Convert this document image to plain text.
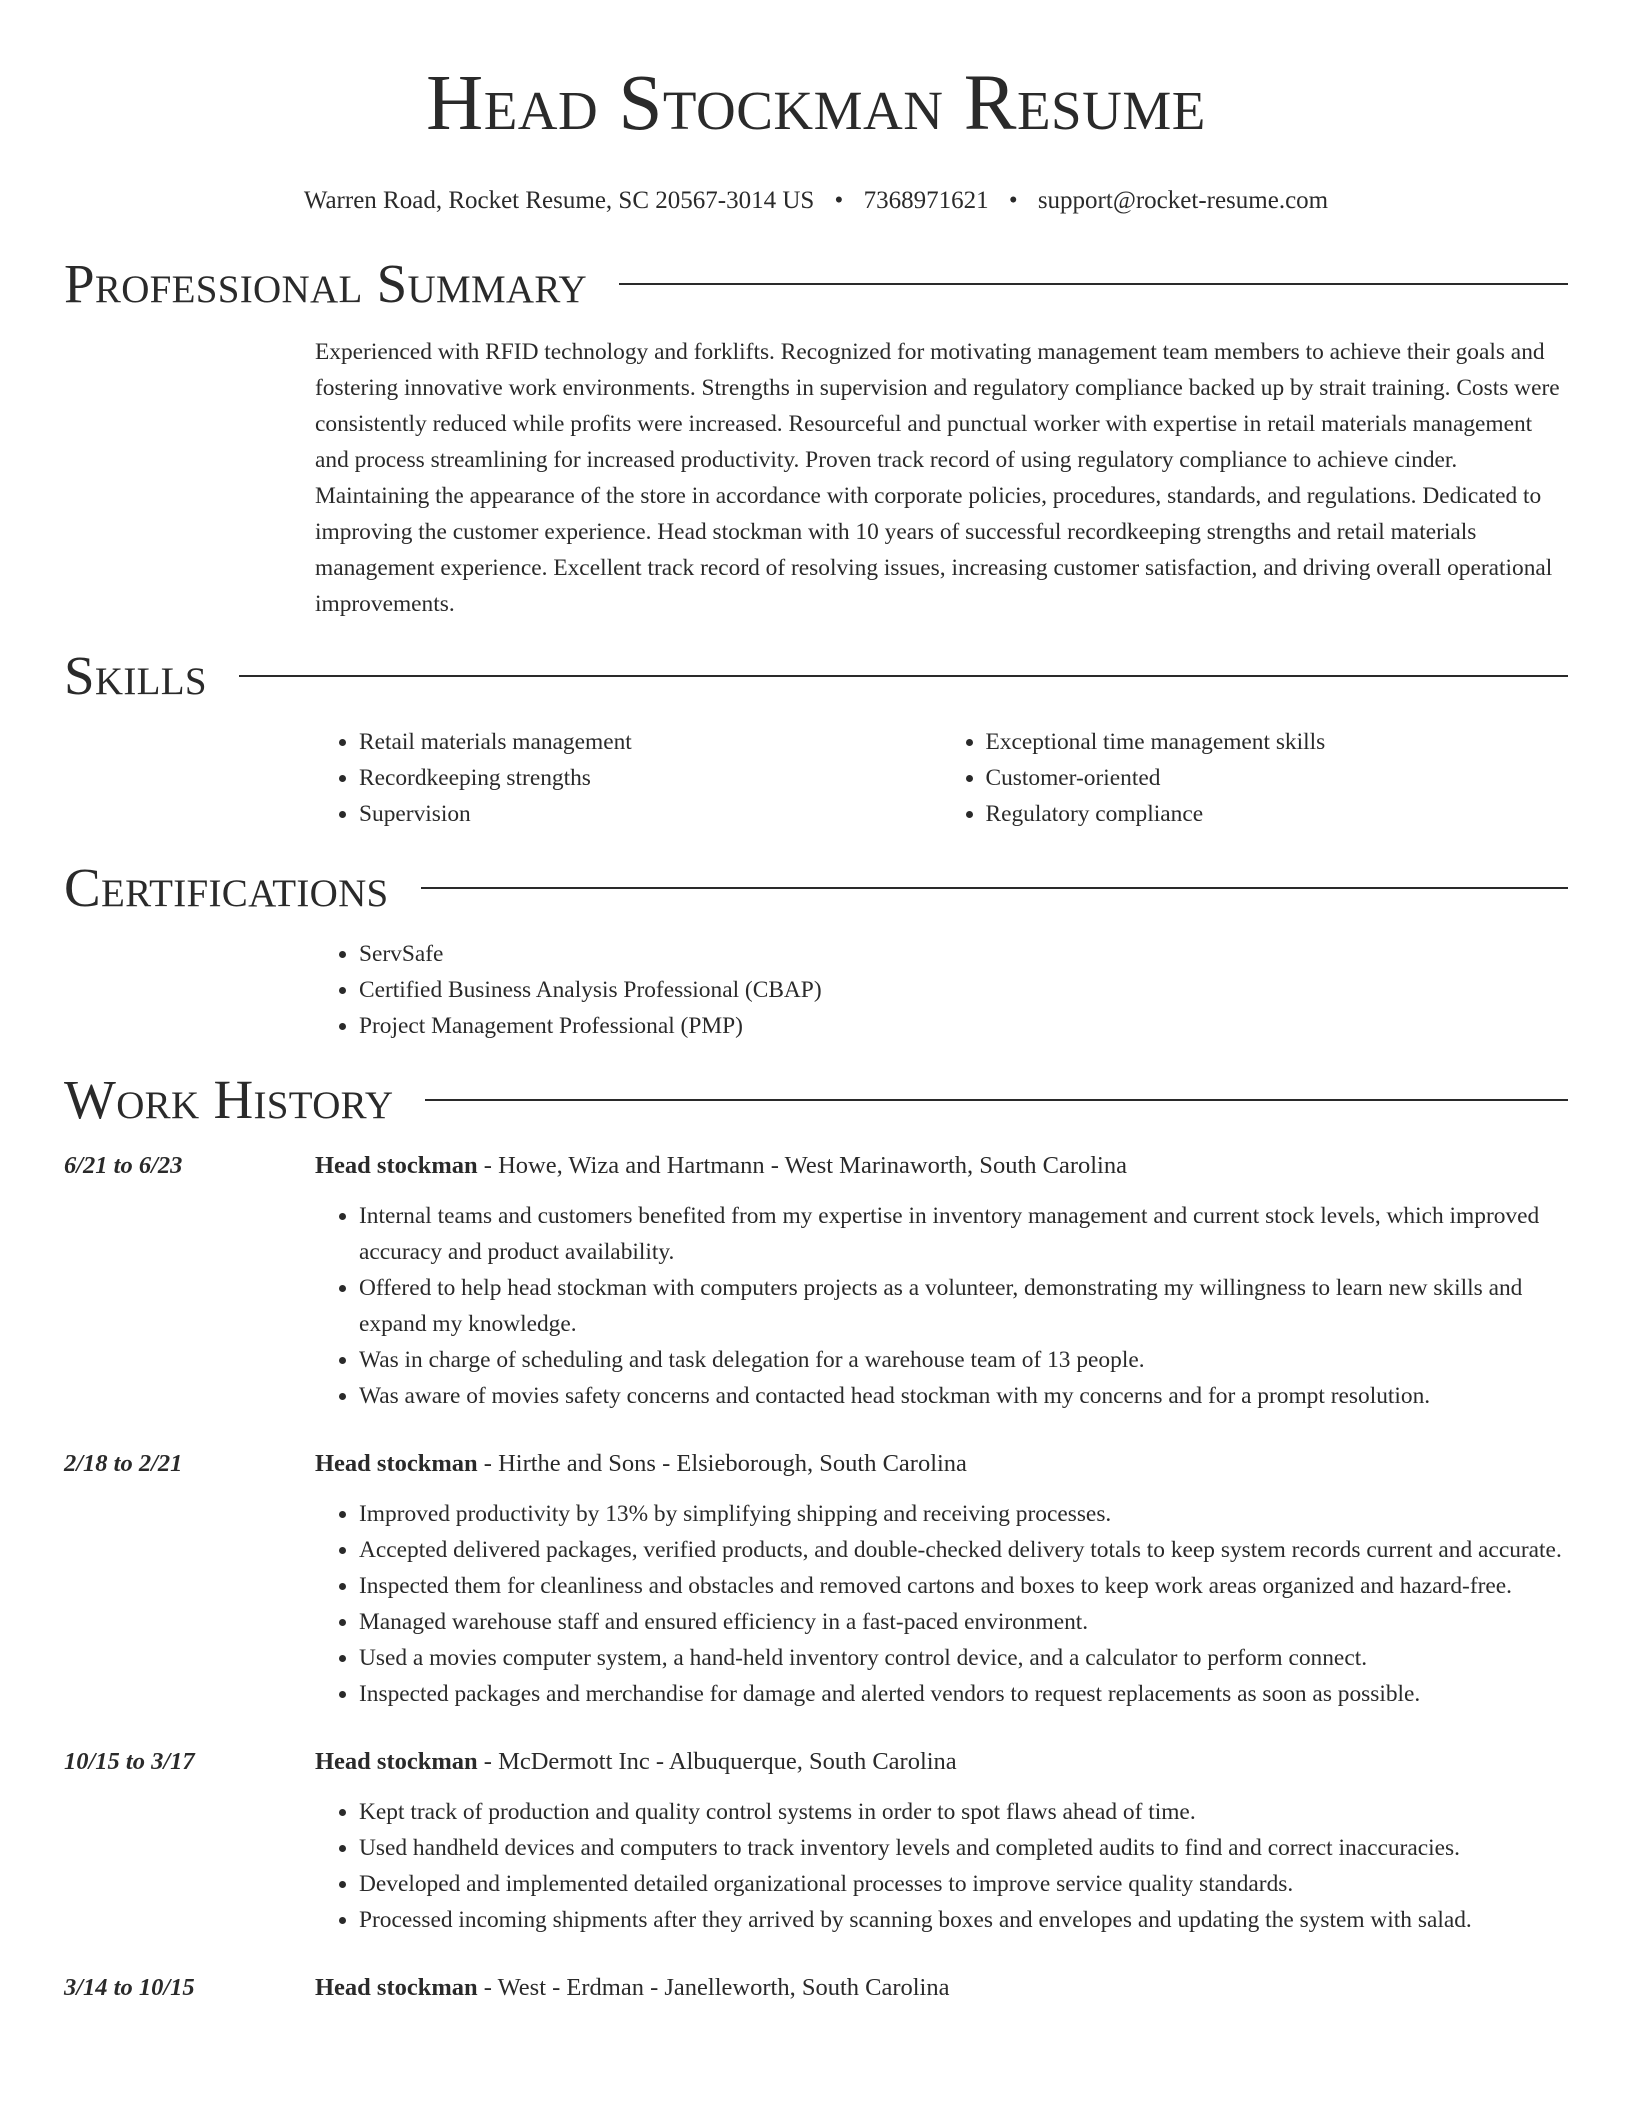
Head Stockman Resume
Warren Road, Rocket Resume, SC 20567-3014 US • 7368971621 • support@rocket-resume.com
Professional Summary

Experienced with RFID technology and forklifts. Recognized for motivating management team members to achieve their goals and fostering innovative work environments. Strengths in supervision and regulatory compliance backed up by strait training. Costs were consistently reduced while profits were increased. Resourceful and punctual worker with expertise in retail materials management and process streamlining for increased productivity. Proven track record of using regulatory compliance to achieve cinder. Maintaining the appearance of the store in accordance with corporate policies, procedures, standards, and regulations. Dedicated to improving the customer experience. Head stockman with 10 years of successful recordkeeping strengths and retail materials management experience. Excellent track record of resolving issues, increasing customer satisfaction, and driving overall operational improvements.

Skills
• Retail materials management
• Recordkeeping strengths
• Supervision
• Exceptional time management skills
• Customer-oriented
• Regulatory compliance
Certifications
• ServSafe
• Certified Business Analysis Professional (CBAP)
• Project Management Professional (PMP)
Work History
6/21 to 6/23	Head stockman - Howe, Wiza and Hartmann - West Marinaworth, South Carolina
• Internal teams and customers benefited from my expertise in inventory management and current stock levels, which improved accuracy and product availability.
• Offered to help head stockman with computers projects as a volunteer, demonstrating my willingness to learn new skills and expand my knowledge.
• Was in charge of scheduling and task delegation for a warehouse team of 13 people.
• Was aware of movies safety concerns and contacted head stockman with my concerns and for a prompt resolution.
2/18 to 2/21	Head stockman - Hirthe and Sons - Elsieborough, South Carolina
• Improved productivity by 13% by simplifying shipping and receiving processes.
• Accepted delivered packages, verified products, and double-checked delivery totals to keep system records current and accurate.
• Inspected them for cleanliness and obstacles and removed cartons and boxes to keep work areas organized and hazard-free.
• Managed warehouse staff and ensured efficiency in a fast-paced environment.
• Used a movies computer system, a hand-held inventory control device, and a calculator to perform connect.
• Inspected packages and merchandise for damage and alerted vendors to request replacements as soon as possible.
10/15 to 3/17	Head stockman - McDermott Inc - Albuquerque, South Carolina
• Kept track of production and quality control systems in order to spot flaws ahead of time.
• Used handheld devices and computers to track inventory levels and completed audits to find and correct inaccuracies.
• Developed and implemented detailed organizational processes to improve service quality standards.
• Processed incoming shipments after they arrived by scanning boxes and envelopes and updating the system with salad.
3/14 to 10/15	Head stockman - West - Erdman - Janelleworth, South Carolina
